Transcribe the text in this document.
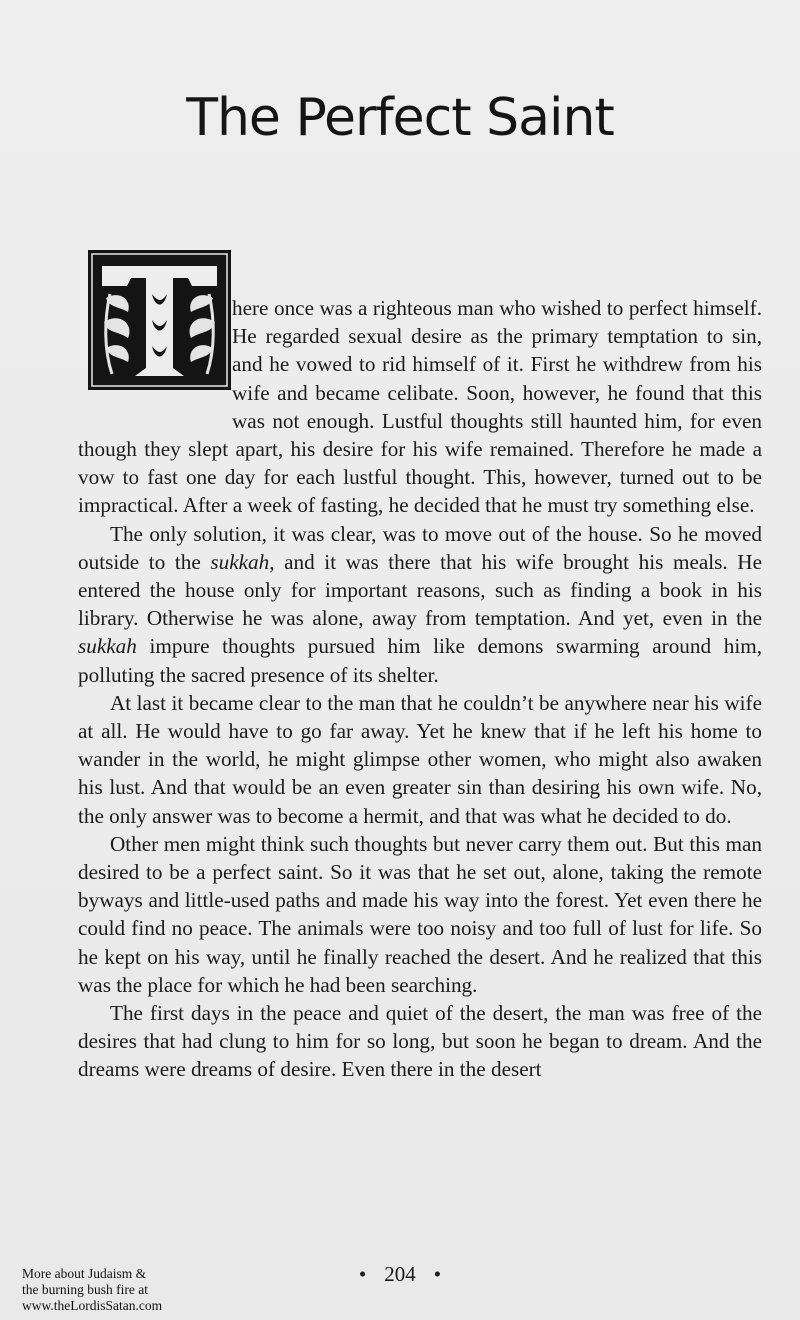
The Perfect Saint

here once was a righteous man who wished to perfect himself. He regarded sexual desire as the primary temptation to sin, and he vowed to rid himself of it. First he withdrew from his wife and became celibate. Soon, however, he found that this was not enough. Lustful thoughts still haunted him, for even though they slept apart, his desire for his wife remained. Therefore he made a vow to fast one day for each lustful thought. This, however, turned out to be impractical. After a week of fasting, he decided that he must try something else.

The only solution, it was clear, was to move out of the house. So he moved outside to the sukkah, and it was there that his wife brought his meals. He entered the house only for important reasons, such as finding a book in his library. Otherwise he was alone, away from temptation. And yet, even in the sukkah impure thoughts pursued him like demons swarming around him, polluting the sacred presence of its shelter.

At last it became clear to the man that he couldn’t be anywhere near his wife at all. He would have to go far away. Yet he knew that if he left his home to wander in the world, he might glimpse other women, who might also awaken his lust. And that would be an even greater sin than desiring his own wife. No, the only answer was to become a hermit, and that was what he decided to do.

Other men might think such thoughts but never carry them out. But this man desired to be a perfect saint. So it was that he set out, alone, taking the remote byways and little-used paths and made his way into the forest. Yet even there he could find no peace. The animals were too noisy and too full of lust for life. So he kept on his way, until he finally reached the desert. And he realized that this was the place for which he had been searching.

The first days in the peace and quiet of the desert, the man was free of the desires that had clung to him for so long, but soon he began to dream. And the dreams were dreams of desire. Even there in the desert

• 204 •
More about Judaism &
the burning bush fire at
www.theLordisSatan.com
